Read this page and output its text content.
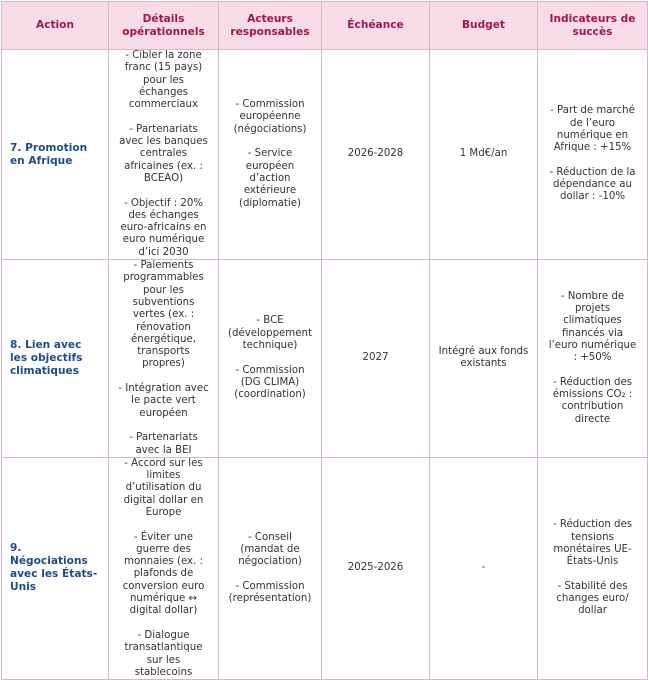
Action	Détails opérationnels	Acteurs responsables	Échéance	Budget	Indicateurs de succès
7. Promotion en Afrique	- Cibler la zone franc (15 pays) pour les échanges commerciaux
- Partenariats avec les banques centrales africaines (ex. : BCEAO)
- Objectif : 20% des échanges euro-africains en euro numérique d’ici 2030	- Commission européenne (négociations)
- Service européen d’action extérieure (diplomatie)	2026-2028	1 Md€/an	- Part de marché de l’euro numérique en Afrique : +15%
- Réduction de la dépendance au dollar : -10%

8. Lien avec les objectifs climatiques	- Paiements programmables pour les subventions vertes (ex. : rénovation énergétique, transports propres)
- Intégration avec le pacte vert européen
- Partenariats avec la BEI	- BCE (développement technique)
- Commission (DG CLIMA) (coordination)	2027	Intégré aux fonds existants	- Nombre de projets climatiques financés via l’euro numérique : +50%
- Réduction des émissions CO₂ : contribution directe

9. Négociations avec les États-Unis	- Accord sur les limites d’utilisation du digital dollar en Europe
- Éviter une guerre des monnaies (ex. : plafonds de conversion euro numérique ↔ digital dollar)
- Dialogue transatlantique sur les stablecoins	- Conseil (mandat de négociation)
- Commission (représentation)	2025-2026	-	- Réduction des tensions monétaires UE-États-Unis
- Stabilité des changes euro/ dollar
